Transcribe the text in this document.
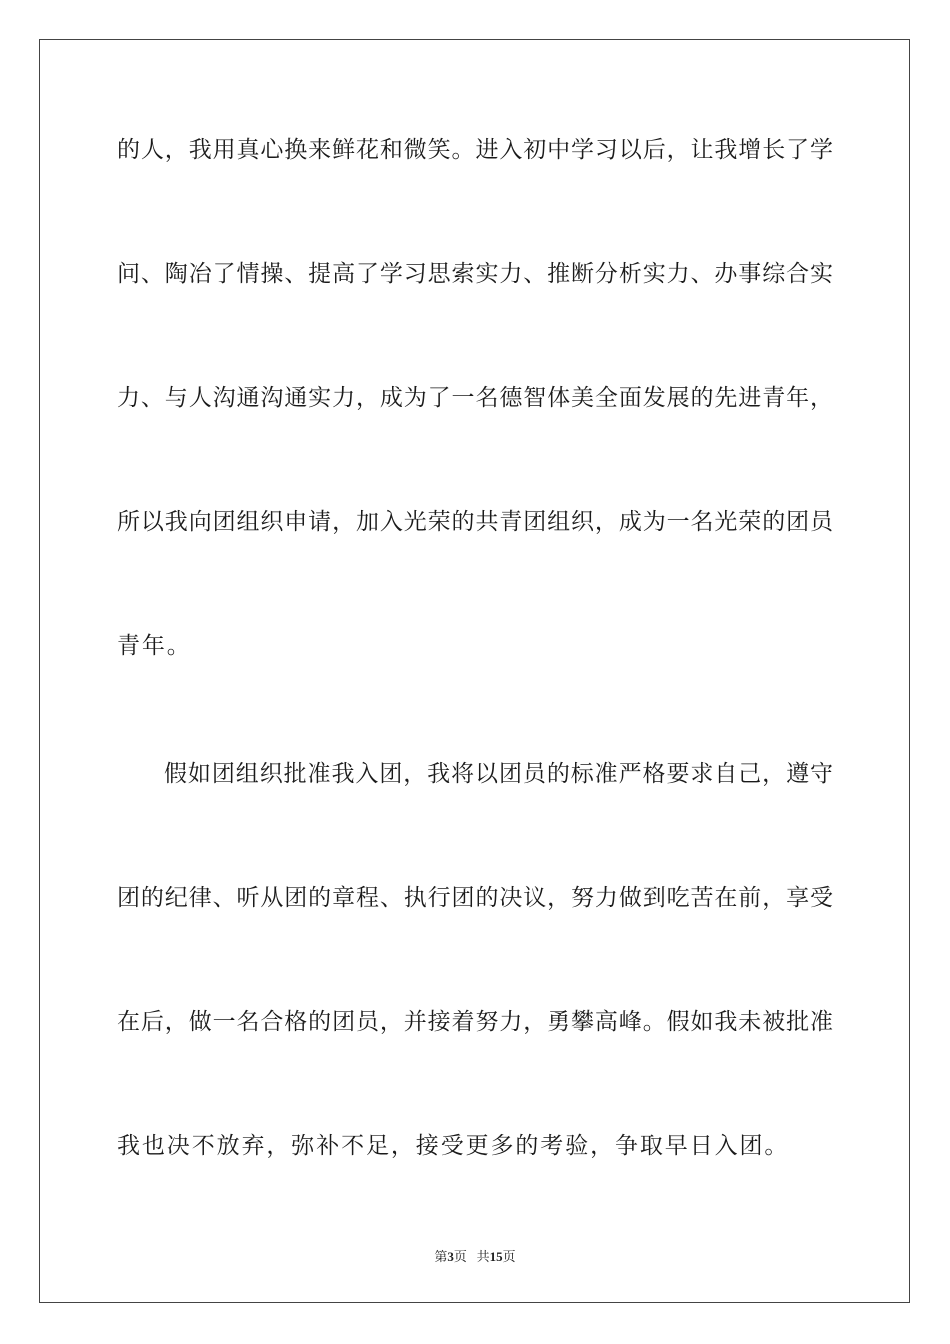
的人，我用真心换来鲜花和微笑。进入初中学习以后，让我增长了学
问、陶冶了情操、提高了学习思索实力、推断分析实力、办事综合实
力、与人沟通沟通实力，成为了一名德智体美全面发展的先进青年，
所以我向团组织申请，加入光荣的共青团组织，成为一名光荣的团员
青年。
假如团组织批准我入团，我将以团员的标准严格要求自己，遵守
团的纪律、听从团的章程、执行团的决议，努力做到吃苦在前，享受
在后，做一名合格的团员，并接着努力，勇攀高峰。假如我未被批准
我也决不放弃，弥补不足，接受更多的考验，争取早日入团。
第3页 共15页
